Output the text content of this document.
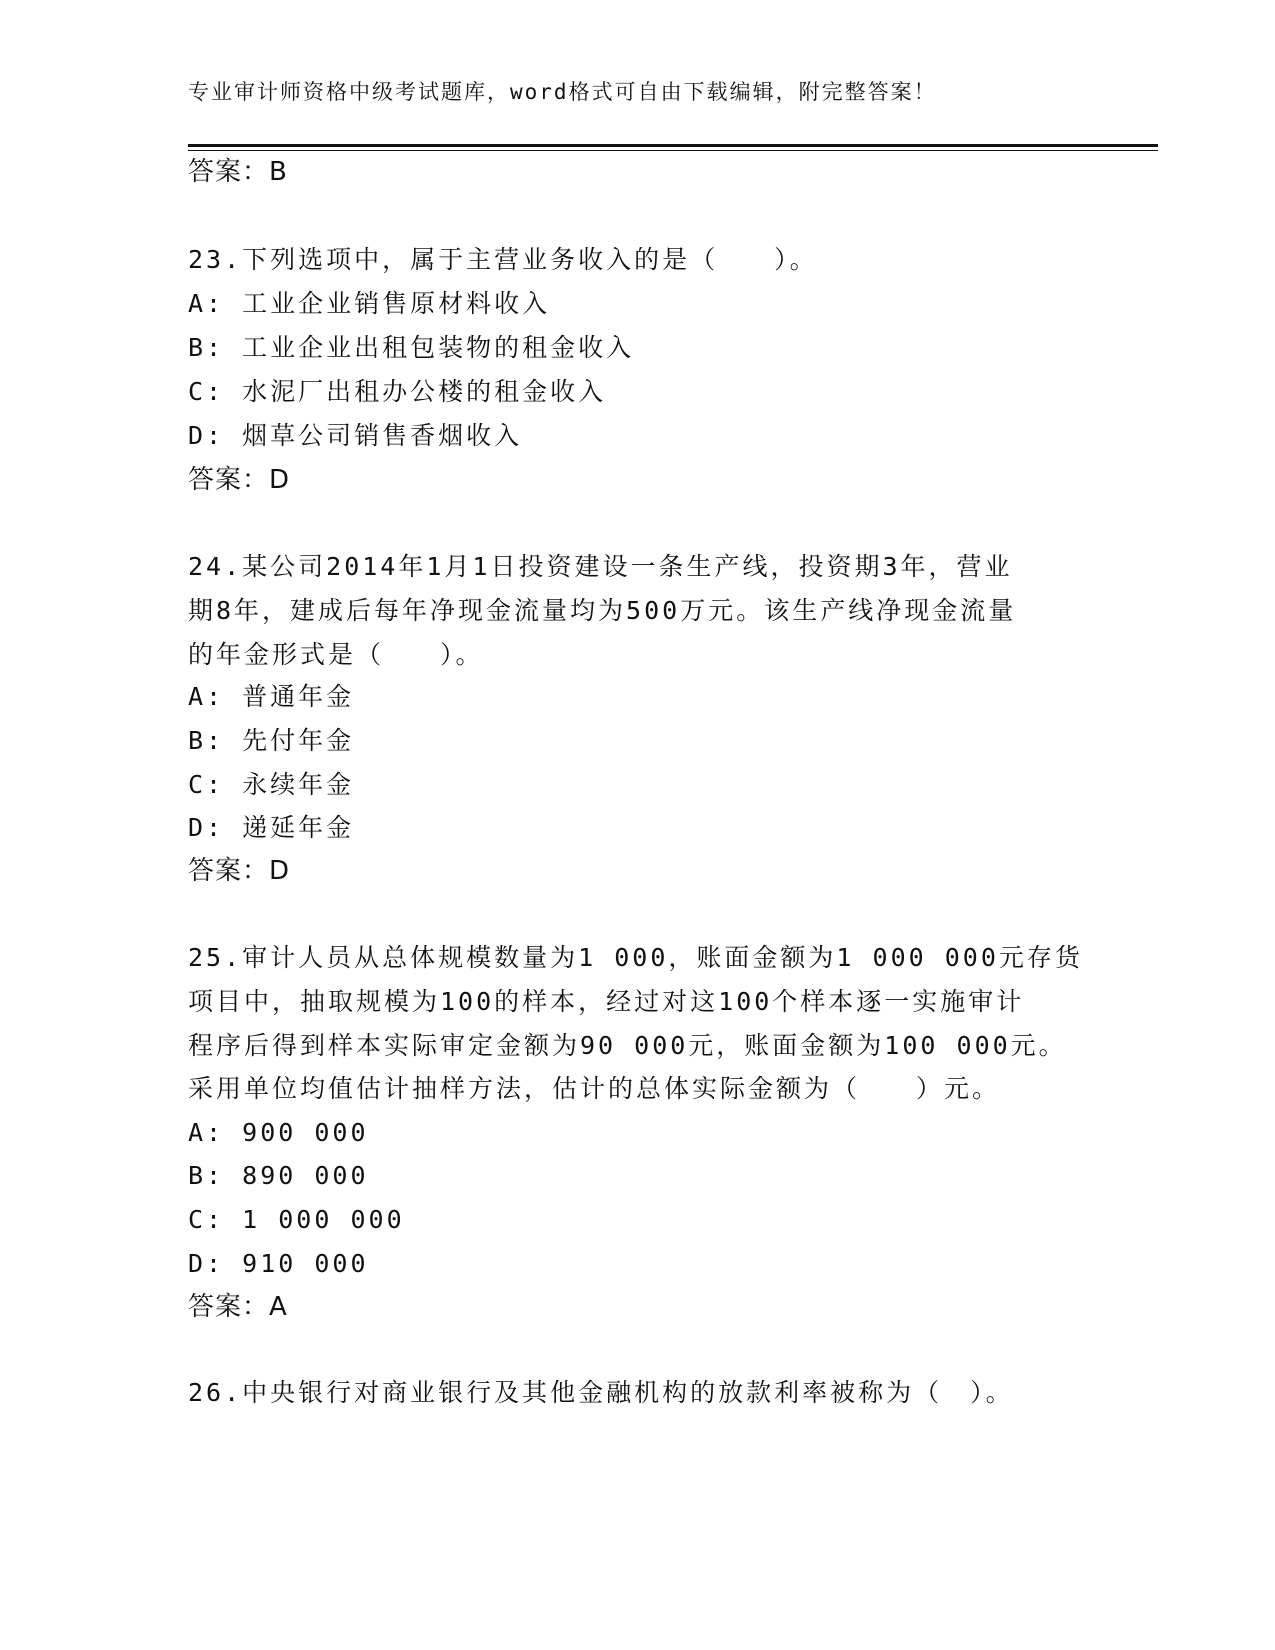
专业审计师资格中级考试题库，word格式可自由下载编辑，附完整答案！
答案：B
23.下列选项中，属于主营业务收入的是（　　）。
A: 工业企业销售原材料收入
B: 工业企业出租包装物的租金收入
C: 水泥厂出租办公楼的租金收入
D: 烟草公司销售香烟收入
答案：D
24.某公司2014年1月1日投资建设一条生产线，投资期3年，营业
期8年，建成后每年净现金流量均为500万元。该生产线净现金流量
的年金形式是（　　）。
A: 普通年金
B: 先付年金
C: 永续年金
D: 递延年金
答案：D
25.审计人员从总体规模数量为1 000，账面金额为1 000 000元存货
项目中，抽取规模为100的样本，经过对这100个样本逐一实施审计
程序后得到样本实际审定金额为90 000元，账面金额为100 000元。
采用单位均值估计抽样方法，估计的总体实际金额为（　　）元。
A: 900 000
B: 890 000
C: 1 000 000
D: 910 000
答案：A
26.中央银行对商业银行及其他金融机构的放款利率被称为（　）。
